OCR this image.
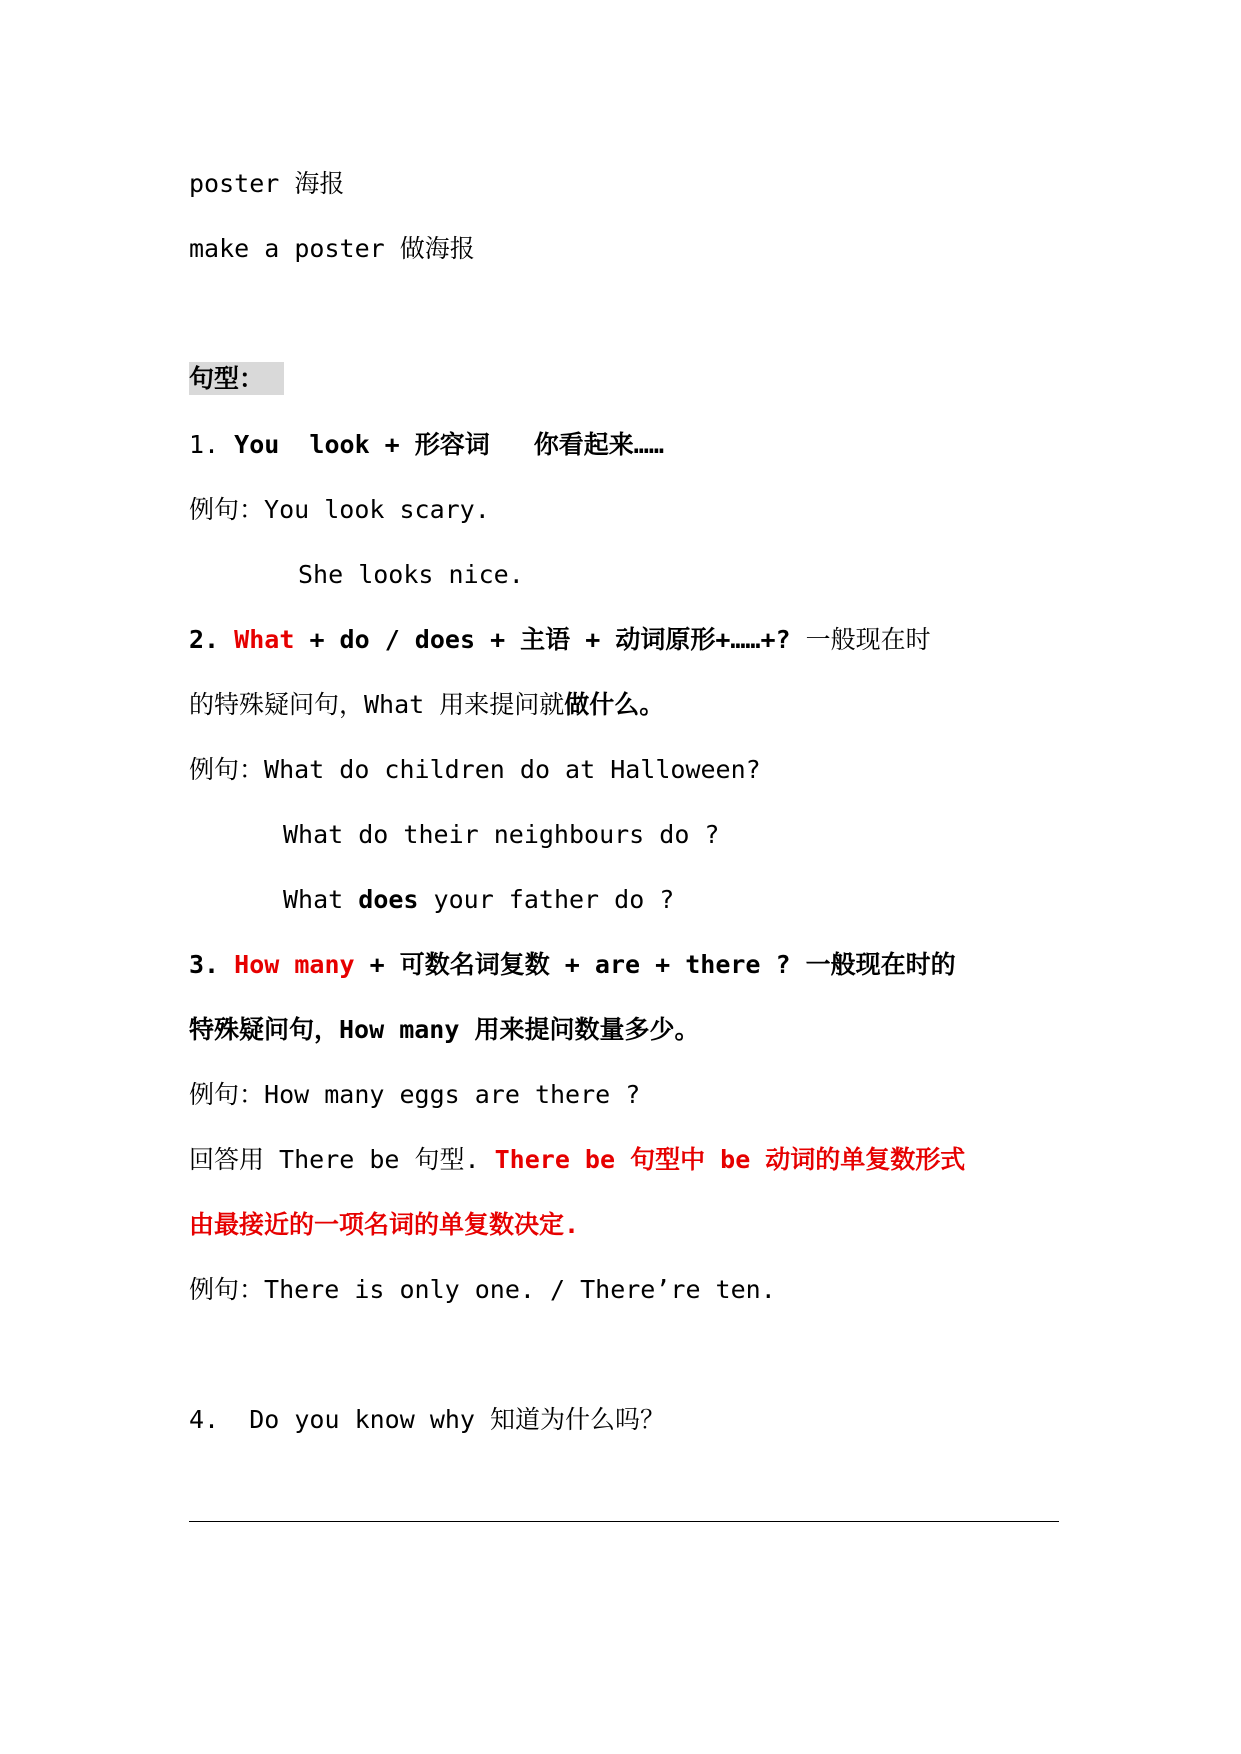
poster 海报
make a poster 做海报
句型：
1. You  look + 形容词 你看起来……
例句：You look scary.
She looks nice.
2. What + do / does + 主语 + 动词原形+……+? 一般现在时
的特殊疑问句，What 用来提问就做什么。
例句：What do children do at Halloween?
What do their neighbours do ?
What does your father do ?
3. How many + 可数名词复数 + are + there ? 一般现在时的
特殊疑问句，How many 用来提问数量多少。
例句：How many eggs are there ?
回答用 There be 句型. There be 句型中 be 动词的单复数形式
由最接近的一项名词的单复数决定.
例句：There is only one. / There’re ten.
4.  Do you know why 知道为什么吗？
